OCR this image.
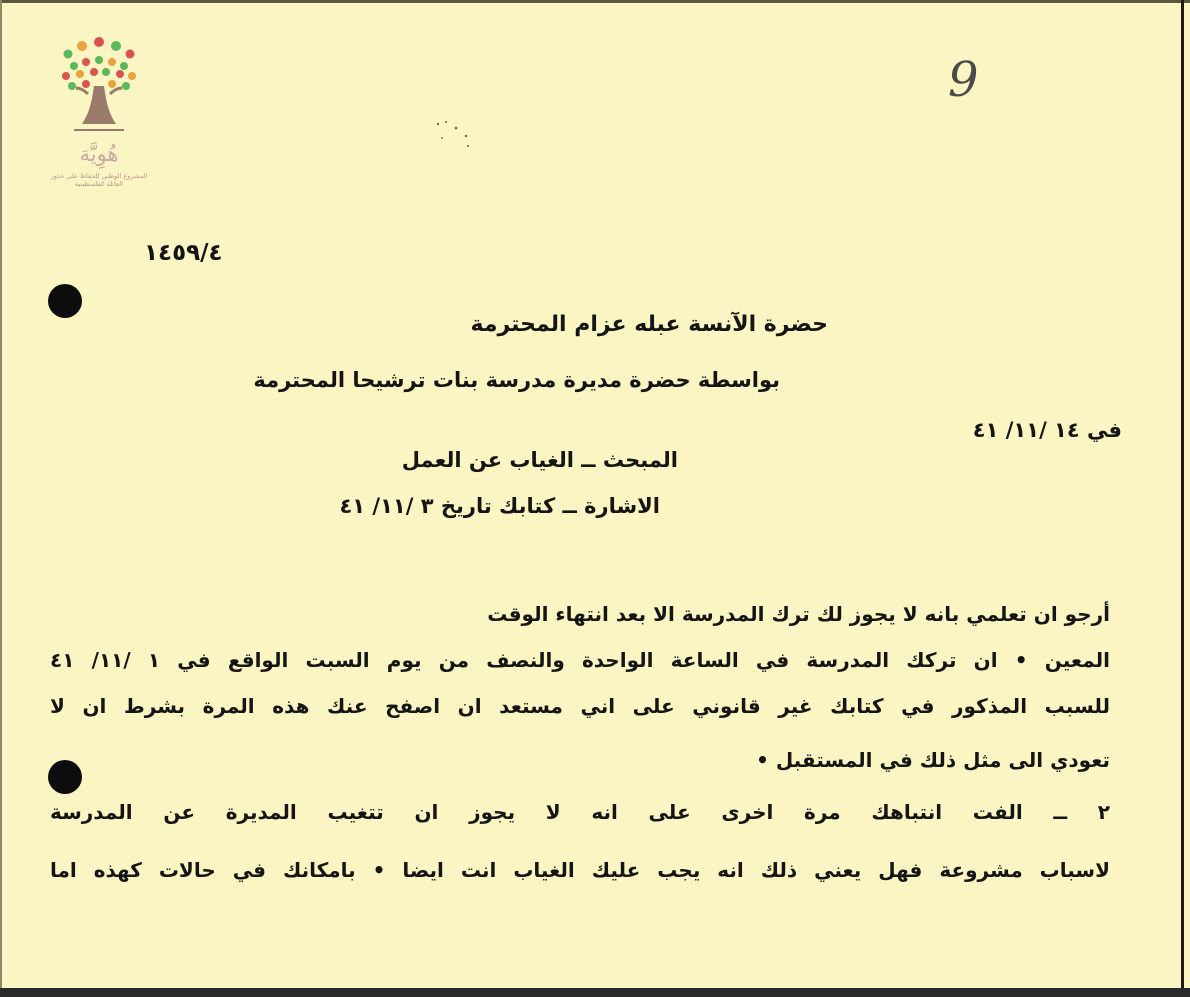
هُوِيَّة
المشروع الوطني للحفاظ على جذور العائلة الفلسطينية
9
١٤٥٩/٤
حضرة الآنسة عبله عزام المحترمة
بواسطة حضرة مديرة مدرسة بنات ترشيحا المحترمة
في ١٤ /١١/ ٤١
المبحث ــ الغياب عن العمل
الاشارة ــ كتابك تاريخ ٣ /١١/ ٤١
أرجو ان تعلمي بانه لا يجوز لك ترك المدرسة الا بعد انتهاء الوقت
المعين • ان تركك المدرسة في الساعة الواحدة والنصف من يوم السبت الواقع في ١ /١١/ ٤١
للسبب المذكور في كتابك غير قانوني على اني مستعد ان اصفح عنك هذه المرة بشرط ان لا
تعودي الى مثل ذلك في المستقبل •
٢ ــ الفت انتباهك مرة اخرى على انه لا يجوز ان تتغيب المديرة عن المدرسة
لاسباب مشروعة فهل يعني ذلك انه يجب عليك الغياب انت ايضا • بامكانك في حالات كهذه اما
